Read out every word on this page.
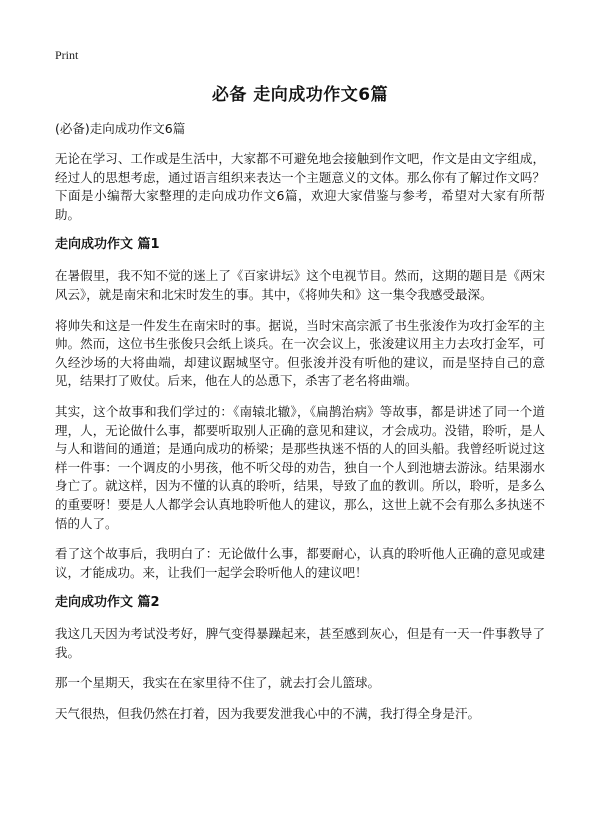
Print
必备 走向成功作文6篇
(必备)走向成功作文6篇

无论在学习、工作或是生活中，大家都不可避免地会接触到作文吧，作文是由文字组成，经过人的思想考虑，通过语言组织来表达一个主题意义的文体。那么你有了解过作文吗？下面是小编帮大家整理的走向成功作文6篇，欢迎大家借鉴与参考，希望对大家有所帮助。

走向成功作文 篇1

在暑假里，我不知不觉的迷上了《百家讲坛》这个电视节目。然而，这期的题目是《两宋风云》，就是南宋和北宋时发生的事。其中，《将帅失和》这一集令我感受最深。

将帅失和这是一件发生在南宋时的事。据说，当时宋高宗派了书生张浚作为攻打金军的主帅。然而，这位书生张俊只会纸上谈兵。在一次会议上，张浚建议用主力去攻打金军，可久经沙场的大将曲端，却建议踞城坚守。但张浚并没有听他的建议，而是坚持自己的意见，结果打了败仗。后来，他在人的怂恿下，杀害了老名将曲端。

其实，这个故事和我们学过的：《南辕北辙》，《扁鹊治病》等故事，都是讲述了同一个道理，人，无论做什么事，都要听取别人正确的意见和建议，才会成功。没错，聆听，是人与人和谐间的通道；是通向成功的桥梁；是那些执迷不悟的人的回头船。我曾经听说过这样一件事：一个调皮的小男孩，他不听父母的劝告，独自一个人到池塘去游泳。结果溺水身亡了。就这样，因为不懂的认真的聆听，结果，导致了血的教训。所以，聆听，是多么的重要呀！要是人人都学会认真地聆听他人的建议，那么，这世上就不会有那么多执迷不悟的人了。

看了这个故事后，我明白了：无论做什么事，都要耐心，认真的聆听他人正确的意见或建议，才能成功。来，让我们一起学会聆听他人的建议吧！

走向成功作文 篇2

我这几天因为考试没考好，脾气变得暴躁起来，甚至感到灰心，但是有一天一件事教导了我。

那一个星期天，我实在在家里待不住了，就去打会儿篮球。

天气很热，但我仍然在打着，因为我要发泄我心中的不满，我打得全身是汗。
